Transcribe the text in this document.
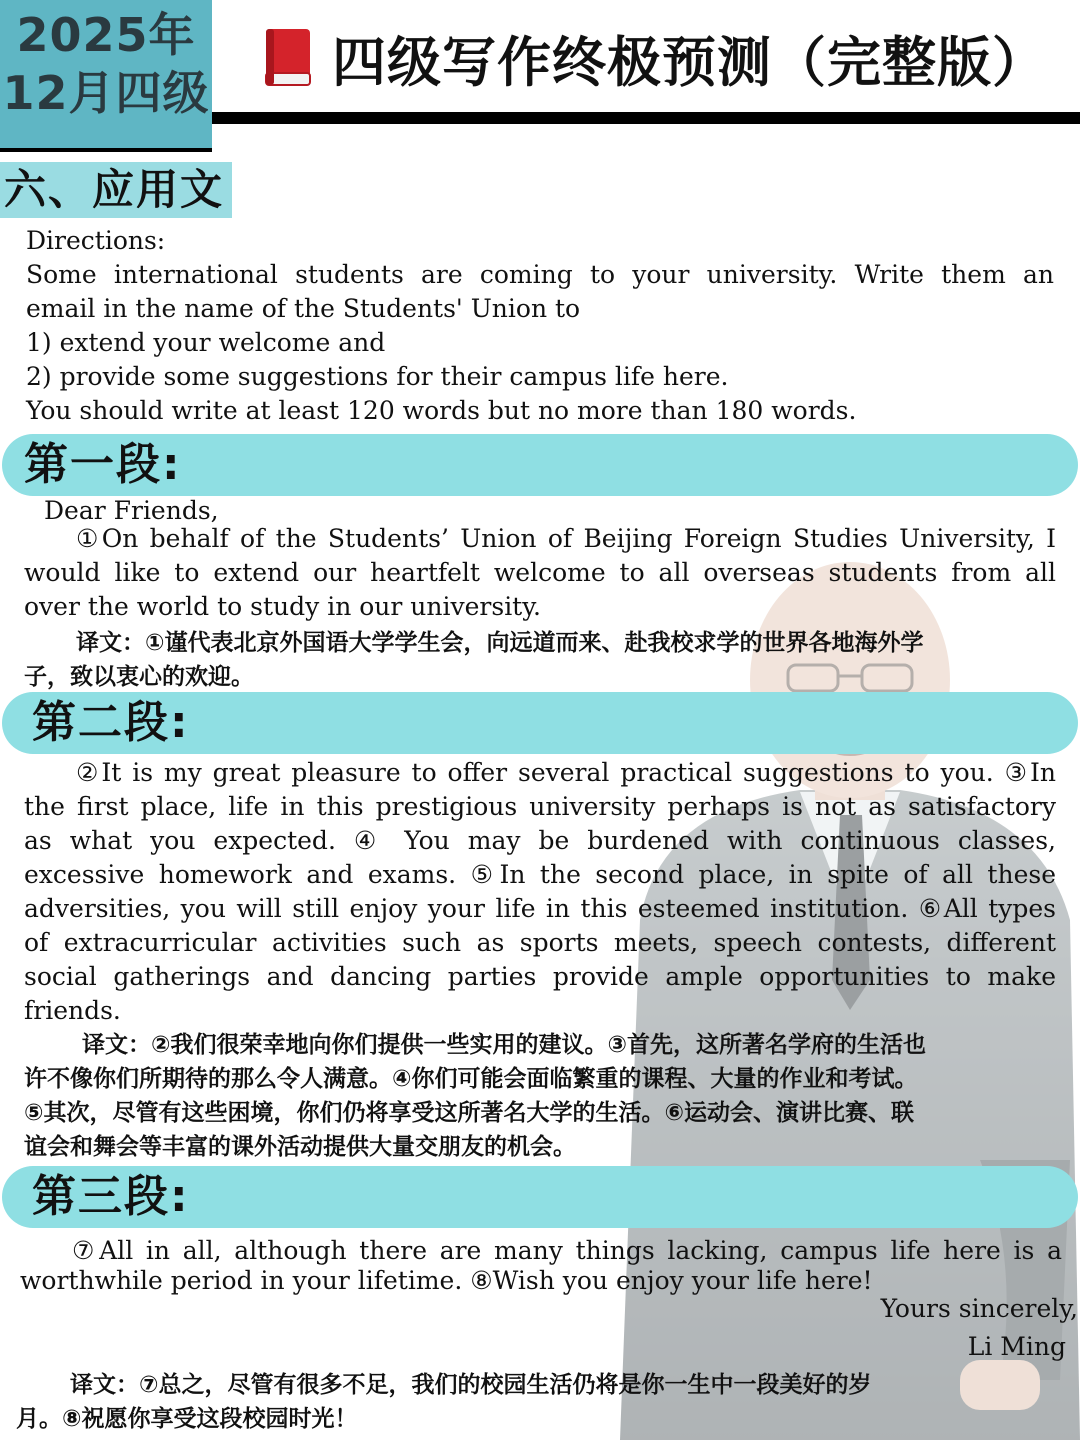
2025年
12月四级 四级写作终极预测（完整版）
六、应用文
Directions:
Some international students are coming to your university. Write them an
email in the name of the Students' Union to
1) extend your welcome and
2) provide some suggestions for their campus life here.
You should write at least 120 words but no more than 180 words.
第一段:
Dear Friends,
①On behalf of the Students’ Union of Beijing Foreign Studies University, I
would like to extend our heartfelt welcome to all overseas students from all
over the world to study in our university.
译文：①谨代表北京外国语大学学生会，向远道而来、赴我校求学的世界各地海外学
子，致以衷心的欢迎。
第二段:
②It is my great pleasure to offer several practical suggestions to you. ③In
the first place, life in this prestigious university perhaps is not as satisfactory
as what you expected. ④ You may be burdened with continuous classes,
excessive homework and exams. ⑤In the second place, in spite of all these
adversities, you will still enjoy your life in this esteemed institution. ⑥All types
of extracurricular activities such as sports meets, speech contests, different
social gatherings and dancing parties provide ample opportunities to make
friends.
译文：②我们很荣幸地向你们提供一些实用的建议。③首先，这所著名学府的生活也
许不像你们所期待的那么令人满意。④你们可能会面临繁重的课程、大量的作业和考试。
⑤其次，尽管有这些困境，你们仍将享受这所著名大学的生活。⑥运动会、演讲比赛、联
谊会和舞会等丰富的课外活动提供大量交朋友的机会。
第三段:
⑦All in all, although there are many things lacking, campus life here is a
worthwhile period in your lifetime. ⑧Wish you enjoy your life here!
Yours sincerely,
Li Ming
译文：⑦总之，尽管有很多不足，我们的校园生活仍将是你一生中一段美好的岁
月。⑧祝愿你享受这段校园时光！
